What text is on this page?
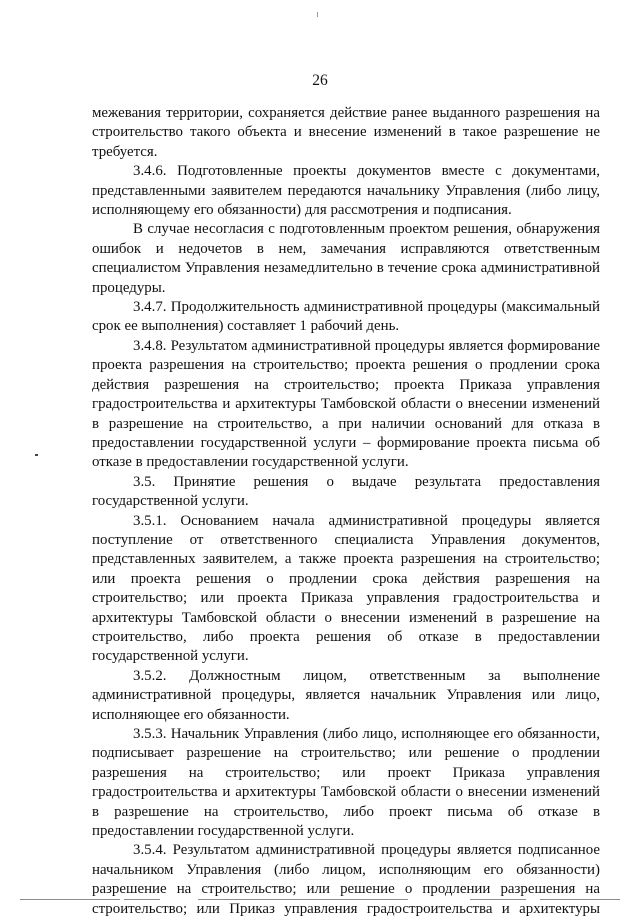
26

межевания территории, сохраняется действие ранее выданного разрешения на строительство такого объекта и внесение изменений в такое разрешение не требуется.

3.4.6. Подготовленные проекты документов вместе с документами, представленными заявителем передаются начальнику Управления (либо лицу, исполняющему его обязанности) для рассмотрения и подписания.

В случае несогласия с подготовленным проектом решения, обнаружения ошибок и недочетов в нем, замечания исправляются ответственным специалистом Управления незамедлительно в течение срока административной процедуры.

3.4.7. Продолжительность административной процедуры (максимальный срок ее выполнения) составляет 1 рабочий день.

3.4.8. Результатом административной процедуры является формирование проекта разрешения на строительство; проекта решения о продлении срока действия разрешения на строительство; проекта Приказа управления градостроительства и архитектуры Тамбовской области о внесении изменений в разрешение на строительство, а при наличии оснований для отказа в предоставлении государственной услуги – формирование проекта письма об отказе в предоставлении государственной услуги.

3.5. Принятие решения о выдаче результата предоставления государственной услуги.

3.5.1. Основанием начала административной процедуры является поступление от ответственного специалиста Управления документов, представленных заявителем, а также проекта разрешения на строительство; или проекта решения о продлении срока действия разрешения на строительство; или проекта Приказа управления градостроительства и архитектуры Тамбовской области о внесении изменений в разрешение на строительство, либо проекта решения об отказе в предоставлении государственной услуги.

3.5.2. Должностным лицом, ответственным за выполнение административной процедуры, является начальник Управления или лицо, исполняющее его обязанности.

3.5.3. Начальник Управления (либо лицо, исполняющее его обязанности, подписывает разрешение на строительство; или решение о продлении разрешения на строительство; или проект Приказа управления градостроительства и архитектуры Тамбовской области о внесении изменений в разрешение на строительство, либо проект письма об отказе в предоставлении государственной услуги.

3.5.4. Результатом административной процедуры является подписанное начальником Управления (либо лицом, исполняющим его обязанности) разрешение на строительство; или решение о продлении разрешения на строительство; или Приказ управления градостроительства и архитектуры
